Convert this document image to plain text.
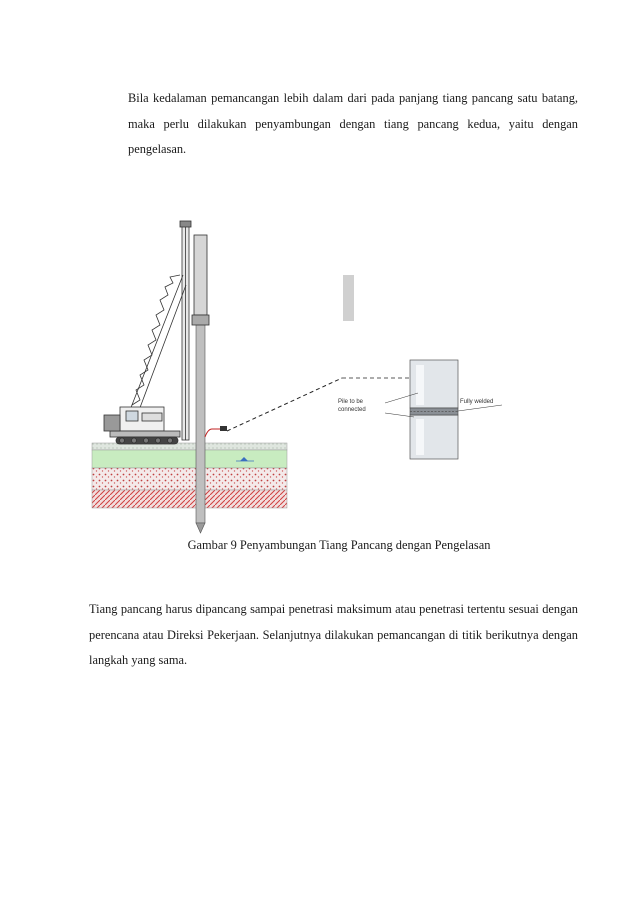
Bila kedalaman pemancangan lebih dalam dari pada panjang tiang pancang satu batang, maka perlu dilakukan penyambungan dengan tiang pancang kedua, yaitu dengan pengelasan.

Pile to be
connected
Fully welded
Gambar 9 Penyambungan Tiang Pancang dengan Pengelasan

Tiang pancang harus dipancang sampai penetrasi maksimum atau penetrasi tertentu sesuai dengan perencana atau Direksi Pekerjaan. Selanjutnya dilakukan pemancangan di titik berikutnya dengan langkah yang sama.
